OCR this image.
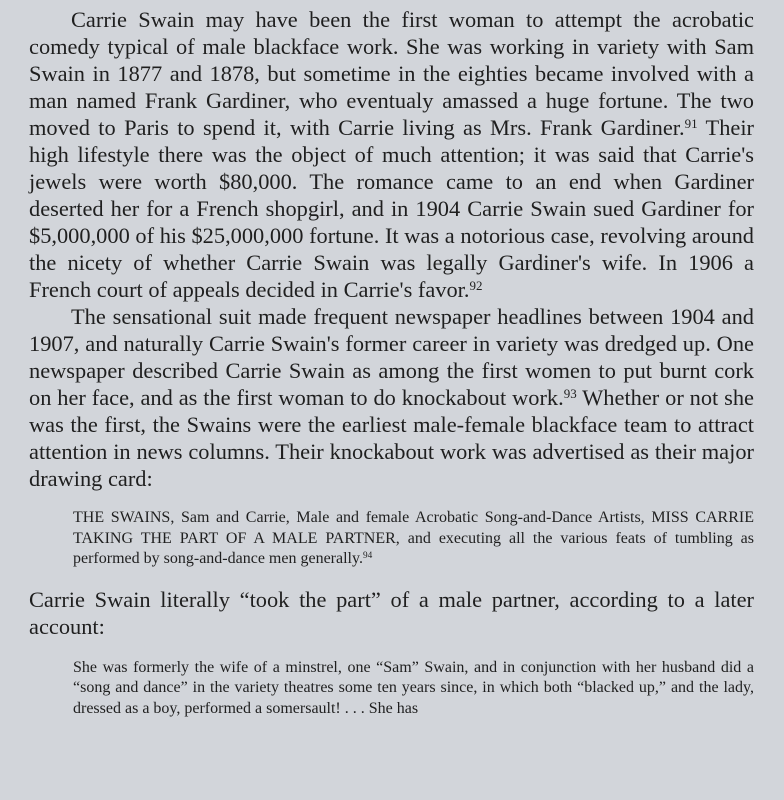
Carrie Swain may have been the first woman to attempt the acrobatic comedy typical of male blackface work. She was working in variety with Sam Swain in 1877 and 1878, but sometime in the eighties became involved with a man named Frank Gardiner, who eventualy amassed a huge fortune. The two moved to Paris to spend it, with Carrie living as Mrs. Frank Gardiner.$^{91}$ Their high lifestyle there was the object of much attention; it was said that Carrie's jewels were worth $80,000. The romance came to an end when Gardiner deserted her for a French shopgirl, and in 1904 Carrie Swain sued Gardiner for $5,000,000 of his $25,000,000 fortune. It was a notorious case, revolving around the nicety of whether Carrie Swain was legally Gardiner's wife. In 1906 a French court of appeals decided in Carrie's favor.$^{92}$

The sensational suit made frequent newspaper headlines between 1904 and 1907, and naturally Carrie Swain's former career in variety was dredged up. One newspaper described Carrie Swain as among the first women to put burnt cork on her face, and as the first woman to do knockabout work.$^{93}$ Whether or not she was the first, the Swains were the earliest male-female blackface team to attract attention in news columns. Their knockabout work was advertised as their major drawing card:

THE SWAINS, Sam and Carrie, Male and female Acrobatic Song-and-Dance Artists, MISS CARRIE TAKING THE PART OF A MALE PARTNER, and executing all the various feats of tumbling as performed by song-and-dance men generally.$^{94}$

Carrie Swain literally “took the part” of a male partner, according to a later account:

She was formerly the wife of a minstrel, one “Sam” Swain, and in conjunction with her husband did a “song and dance” in the variety theatres some ten years since, in which both “blacked up,” and the lady, dressed as a boy, performed a somersault! . . . She has
